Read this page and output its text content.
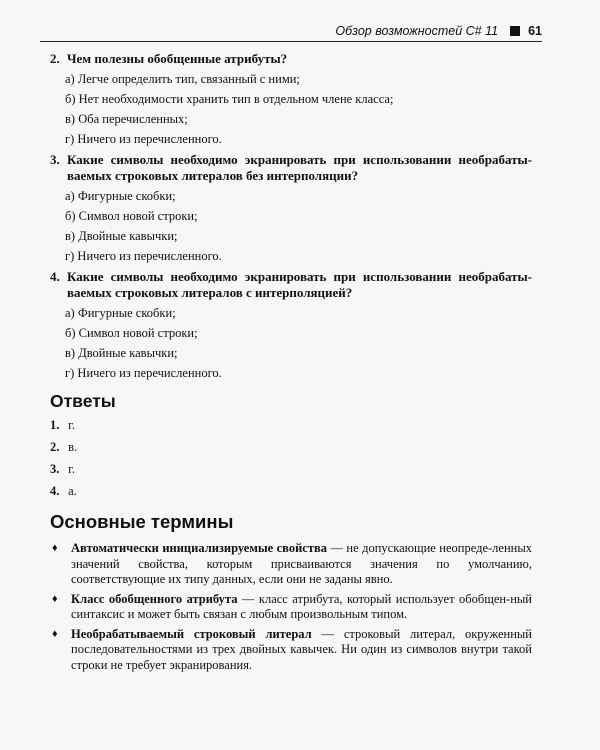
Обзор возможностей C# 11 61
2. Чем полезны обобщенные атрибуты?
а) Легче определить тип, связанный с ними;
б) Нет необходимости хранить тип в отдельном члене класса;
в) Оба перечисленных;
г) Ничего из перечисленного.
3. Какие символы необходимо экранировать при использовании необрабаты-ваемых строковых литералов без интерполяции?
а) Фигурные скобки;
б) Символ новой строки;
в) Двойные кавычки;
г) Ничего из перечисленного.
4. Какие символы необходимо экранировать при использовании необрабаты-ваемых строковых литералов с интерполяцией?
а) Фигурные скобки;
б) Символ новой строки;
в) Двойные кавычки;
г) Ничего из перечисленного.
Ответы
1. г.
2. в.
3. г.
4. а.
Основные термины
♦ Автоматически инициализируемые свойства — не допускающие неопреде-ленных значений свойства, которым присваиваются значения по умолчанию, соответствующие их типу данных, если они не заданы явно.
♦ Класс обобщенного атрибута — класс атрибута, который использует обобщен-ный синтаксис и может быть связан с любым произвольным типом.
♦ Необрабатываемый строковый литерал — строковый литерал, окруженный последовательностями из трех двойных кавычек. Ни один из символов внутри такой строки не требует экранирования.
